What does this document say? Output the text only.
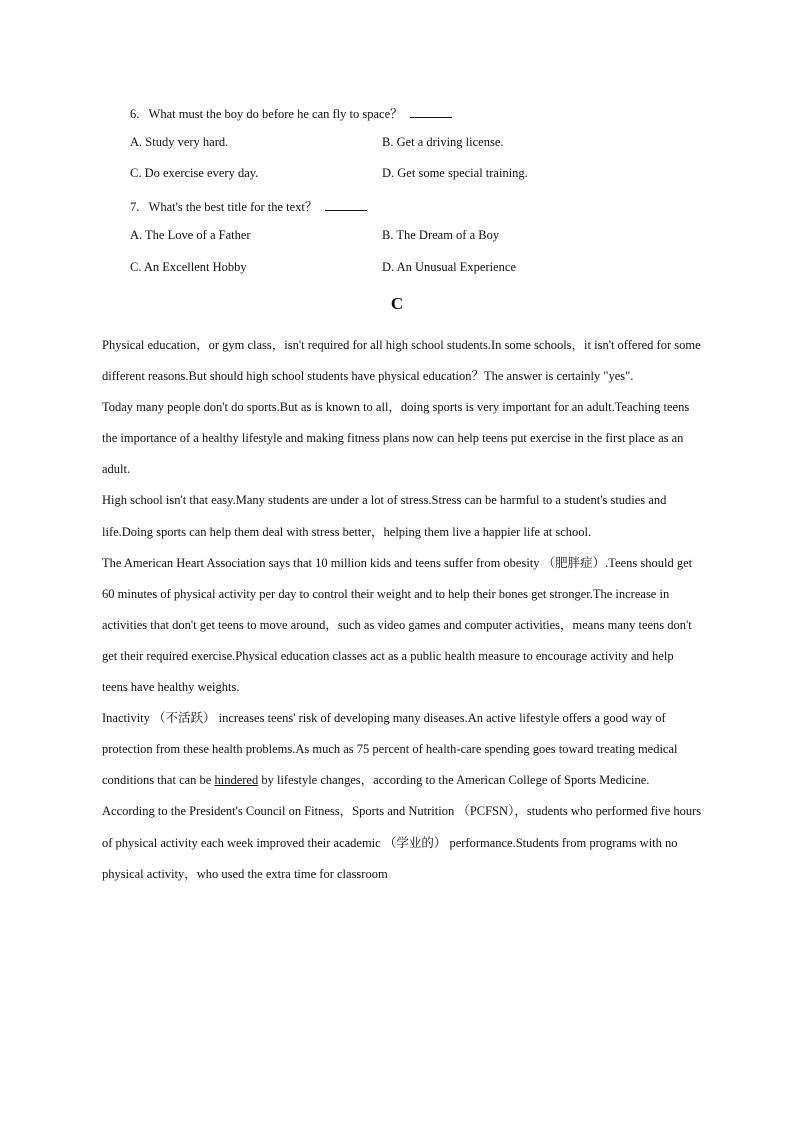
6. What must the boy do before he can fly to space？
A. Study very hard.	B. Get a driving license.
C. Do exercise every day.	D. Get some special training.
7. What's the best title for the text？
A. The Love of a Father	B. The Dream of a Boy
C. An Excellent Hobby	D. An Unusual Experience
C

Physical education，or gym class，isn't required for all high school students.In some schools，it isn't offered for some different reasons.But should high school students have physical education？The answer is certainly "yes".

Today many people don't do sports.But as is known to all，doing sports is very important for an adult.Teaching teens the importance of a healthy lifestyle and making fitness plans now can help teens put exercise in the first place as an adult.

High school isn't that easy.Many students are under a lot of stress.Stress can be harmful to a student's studies and life.Doing sports can help them deal with stress better，helping them live a happier life at school.

The American Heart Association says that 10 million kids and teens suffer from obesity （肥胖症）.Teens should get 60 minutes of physical activity per day to control their weight and to help their bones get stronger.The increase in activities that don't get teens to move around，such as video games and computer activities，means many teens don't get their required exercise.Physical education classes act as a public health measure to encourage activity and help teens have healthy weights.

Inactivity （不活跃） increases teens' risk of developing many diseases.An active lifestyle offers a good way of protection from these health problems.As much as 75 percent of health-care spending goes toward treating medical conditions that can be hindered by lifestyle changes，according to the American College of Sports Medicine.

According to the President's Council on Fitness，Sports and Nutrition （PCFSN），students who performed five hours of physical activity each week improved their academic （学业的） performance.Students from programs with no physical activity，who used the extra time for classroom
